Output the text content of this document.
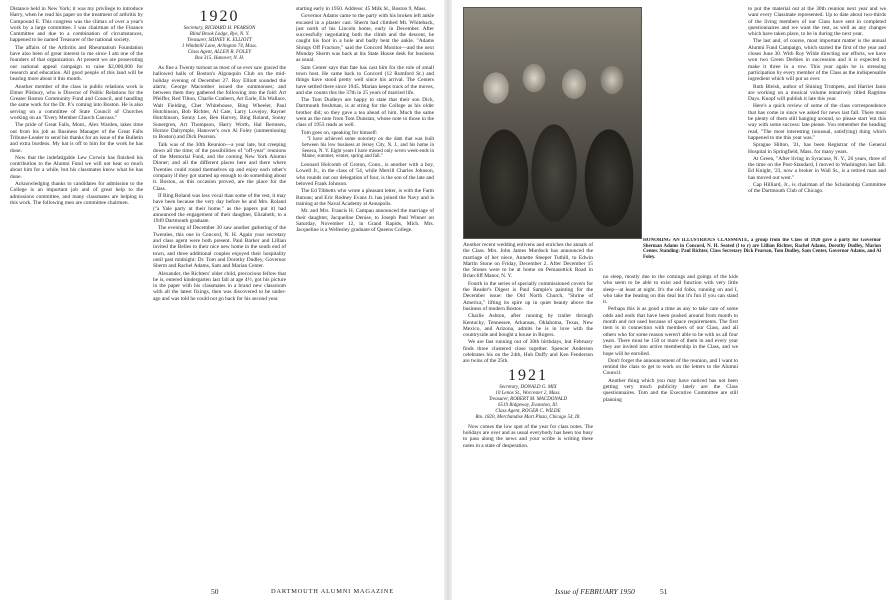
Distance held in New York; it was my privilege to introduce Harry, when he read his paper on the treatment of arthritis by Compound E. This congress was the climax of over a year's work by a large committee. I was chairman of the Finance Committee and due to a combination of circumstances, happened to be named Treasurer of the national society.

The affairs of the Arthritis and Rheumatism Foundation have also been of great interest to me since I am one of the founders of that organization. At present we are prosecuting our national appeal campaign to raise $2,000,000 for research and education. All good people of this land will be hearing more about it this month.

Another member of the class in public relations work is Elmer Pilsbury, who is Director of Public Relations for the Greater Boston Community Fund and Council, and handling the same work for the Dr. P.'s coming into Boston. He is also serving on a committee of State Council of Churches working on an "Every Member Church Canvass."

The pride of Great Falls, Mont., Alex Warden, takes time out from his job as Business Manager of the Great Falls Tribune-Leader to send his thanks for an issue of the Bulletin and extra burdens. My hat is off to him for the work he has done.

Now that the indefatigable Lew Corwin has finished his contribution to the Alumni Fund we will not hear so much about him for a while, but his classmates know what he has done.

Acknowledging thanks to candidates for admission to the College is an important job and of great help to the admissions committee, and many classmates are helping in this work. The following men are committee chairmen.

1920
Secretary, RICHARD H. PEARSON
Blind Brook Lodge, Rye, N. Y.
Treasurer, SIDNEY K. ELLIOTT
1 Windmill Lane, Arlington 74, Mass.
Class Agent, ALLEN R. FOLEY
Box 315, Hanover, N. H.

As fine a Twenty turnout as most of us ever saw graced the hallowed halls of Boston's Algonquin Club on the mid-holiday evening of December 27. Roy Elliott sounded the alarm; George Macomber issued the summonses; and between them they gathered the following into the fold: Art Pfeiffer, Red Tilton, Charlie Crathern, Art Earle, Els Wallace, Walt Fielding, Chet Whitehouse, Bing Wheeler, Paul Hutchinson, Bob Richter, Al Cate, Larry Lovejoy, Rayner Hutchinson, Sonny Lee, Ben Harvey, Bing Roland, Sonny Sunergren, Art Thompson, Harry Worth, Hal Berntsen, Horace Dalrymple, Hanover's own Al Foley (unmentioning to Boston) and Dick Pearson.

Talk was of the 30th Reunion—a year late, but creeping down all the time; of the possibilities of "off-year" reunions of the Memorial Fund, and the coming New York Alumni Dinner; and all the different places here and there where Twenties could round themselves up and enjoy each other's company if they got started up enough to do something about it. Boston, as this occasion proved, are the place for the Class.

If Bing Roland was less vocal than some of the rest, it may have been because the very day before he and Mrs. Roland ("a Yale party at their home," as the papers put it) had announced the engagement of their daughter, Elizabeth, to a 1949 Dartmouth graduate.

The evening of December 30 saw another gathering of the Twenties, this one in Concord, N. H. Again your secretary and class agent were both present. Paul Barker and Lillian invited the Belles to their nice new home in the south end of town, and three additional couples enjoyed their hospitality until past midnight: Dr. Tom and Dorothy Dudley, Governor Sherm and Rachel Adams, Sam and Marian Center.

Alexander, the Richters' older child, precocious fellow that he is, entered kindergarten last fall at age 4½, got his picture in the paper with his classmates in a brand new classroom with all the latest fixings, then was discovered to be under-age and was told he could not go back for his second year.

starting early in 1950. Address: 45 Milk St., Boston 9, Mass.

Governor Adams came to the party with his broken left ankle encased in a plaster cast. Sherm had climbed Mt. Whiteback, just north of his Lincoln home, early in December. After successfully negotiating both the climb and the descent, he caught his foot in a hole and badly bent the ankle. "Adams Shrugs Off Fracture," said the Concord Monitor—and the next Monday Sherm was back at his State House desk for business as usual.

Sam Center says that fate has cast him for the role of small town host. He came back to Concord (12 Rumford St.) and things have stood pretty well since his arrival. The Centers have settled there since 1945. Marian keeps track of the moves, and she counts this the 37th in 25 years of married life.

The Tom Dudleys are happy to state that their son Dick, Dartmouth freshman, is at string for the College as his older brother did; so they gave a tea ahead of him. Much the same went as the note from Tom Dunstan, whose note to those in the class of 1953 reads as well.

Tom goes on, speaking for himself:

"I have achieved some notoriety on the dam that was built between his low business at Jersey City, N. J., and his home in Seneca, N. Y. Eight years I have missed only seven week-ends in Maine, summer, winter, spring and fall."

Leonard Holcomb of Groton, Conn., is another with a boy, Lowell Jr., in the class of '54, while Merrill Charles Johnson, who rounds out our delegation of four, is the son of the late and beloved Frank Johnson.

The Ed Tibbetts who wrote a pleasant letter, is with the Farm Bureau; and Eric Rodney Evans Jr. has joined the Navy and is training at the Naval Academy at Annapolis.

Mr. and Mrs. Francis H. Campau announced the marriage of their daughter, Jacqueline Denise, to Joseph Paul Winner on Saturday, November 12, in Grand Rapids, Mich. Mrs. Jacqueline is a Wellesley graduate of Queens College.

50	DARTMOUTH ALUMNI MAGAZINE
HONORING AN ILLUSTRIOUS CLASSMATE, a group from the Class of 1920 gave a party for Governor Sherman Adams in Concord, N. H. Seated (l to r) are Lillian Richter, Rachel Adams, Dorothy Dudley, Marion Center. Standing: Paul Richter, Class Secretary Dick Pearson, Tom Dudley, Sam Center, Governor Adams, and Al Foley.

Another recent wedding enlivens and enriches the annals of the Class. Mrs. John James Murdock has announced the marriage of her niece, Annette Steeper Tuthill, to Edwin Martin Stone on Friday, December 2. After December 15 the Stones were to be at home on Pemasottick Road in Briarcliff Manor, N. Y.

Fourth in the series of specially commissioned covers for the Reader's Digest is Paul Sample's painting for the December issue: the Old North Church, "Shrine of America," lifting its spire up in quiet beauty above the business of modern Boston.

Charlie Ashton, after running by trailer through Kentucky, Tennessee, Arkansas, Oklahoma, Texas, New Mexico, and Arizona, admits he is in love with the countryside and bought a house in Rogers.

We are fast running out of 30th birthdays, but February finds three clustered close together. Spencer Anderson celebrates his on the 24th, Hub Duffy and Ken Fenderson are twins of the 25th.

1921
Secretary, DONALD G. MIX
10 Lenox St., Worcester 2, Mass.
Treasurer, ROBERT M. MACDONALD
6519 Ridgeway, Evanston, Ill.
Class Agent, ROGER C. WILDE
Rm. 1820, Merchandise Mart Plaza, Chicago 54, Ill.

Now comes the low spot of the year for class notes. The holidays are over and as usual everybody has been too busy to pass along the news and your scribe is writing these notes in a state of desperation.

no sleep, mostly due to the comings and goings of the kids who seem to be able to exist and function with very little sleep—at least at night. It's the old folks, running on and I, who take the beating on this deal but it's fun if you can stand it.

Perhaps this is as good a time as any to take care of some odds and ends that have been pushed around from month to month and not used because of space requirements. The first item is in connection with members of our Class, and all others who for some reason weren't able to be with us all four years. There must be 150 or more of them in and every year they are invited into active membership in the Class, and we hope will be enrolled.

Don't forget the announcement of the reunion, and I want to remind the class to get to work on the letters to the Alumni Council.

Another thing which you may have noticed has not been getting very much publicity lately are the Class questionnaires. Tom and the Executive Committee are still planning

to put the material out at the 30th reunion next year and we want every Classmate represented. Up to date about two-thirds of the living members of our Class have sent in completed questionnaires and we want the rest, as well as any changes which have taken place, to be in during the next year.

The last and, of course, most important matter is the annual Alumni Fund Campaign, which started the first of the year and closes June 30. With Roy Wilde directing our efforts, we have won two Green Derbies in succession and it is expected to make it three in a row. This year again he is stressing participation by every member of the Class as the indispensable ingredient which will put us over.

Ruth Bleish, author of Shining Trumpets, and Harriet Janis are working on a musical volume tentatively titled Ragtime Days. Knopf will publish it late this year.

Here's a quick review of some of the class correspondence that has come in since we asked for news last fall. There must be plenty of them still hanging around, so please start 'em this way with some success: late please. You remember the heading read, "The most interesting (unusual, satisfying) thing which happened to me this year was."

Sprague Hilton, '21, has been Registrar of the General Hospital in Springfield, Mass. for many years.

At Green, "After living in Syracuse, N. Y., 26 years, three of the time on the Post-Standard, I moved to Washington last fall. Ed Knight, '23, now a broker in Wall St., is a retired man and has moved out west."

Cap Hilliard, Jr., is chairman of the Scholarship Committee of the Dartmouth Club of Chicago.

Issue of FEBRUARY 1950	51
